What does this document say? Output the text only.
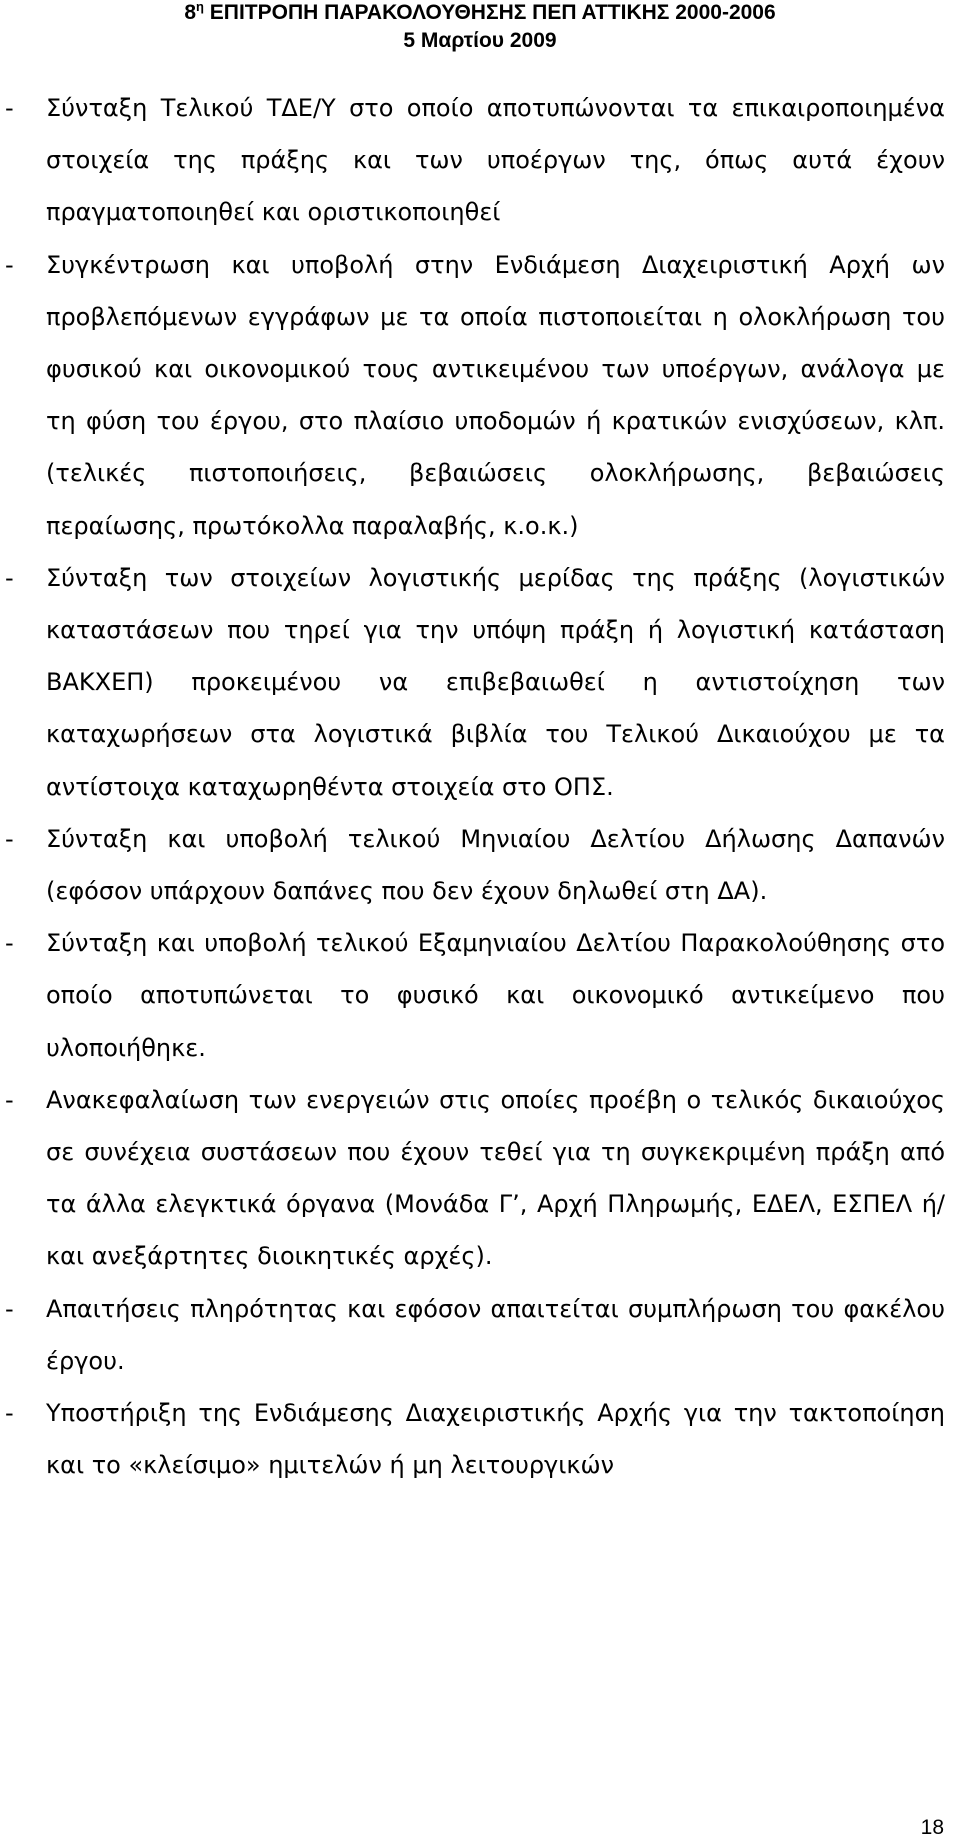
$8^\eta$ ΕΠΙΤΡΟΠΗ ΠΑΡΑΚΟΛΟΥΘΗΣΗΣ ΠΕΠ ΑΤΤΙΚΗΣ 2000-2006
5 Μαρτίου 2009
- Σύνταξη Τελικού ΤΔΕ/Υ στο οποίο αποτυπώνονται τα επικαιροποιημένα στοιχεία της πράξης και των υποέργων της, όπως αυτά έχουν πραγματοποιηθεί και οριστικοποιηθεί
- Συγκέντρωση και υποβολή στην Ενδιάμεση Διαχειριστική Αρχή ων προβλεπόμενων εγγράφων με τα οποία πιστοποιείται η ολοκλήρωση του φυσικού και οικονομικού τους αντικειμένου των υποέργων, ανάλογα με τη φύση του έργου, στο πλαίσιο υποδομών ή κρατικών ενισχύσεων, κλπ. (τελικές πιστοποιήσεις, βεβαιώσεις ολοκλήρωσης, βεβαιώσεις περαίωσης, πρωτόκολλα παραλαβής, κ.ο.κ.)
- Σύνταξη των στοιχείων λογιστικής μερίδας της πράξης (λογιστικών καταστάσεων που τηρεί για την υπόψη πράξη ή λογιστική κατάσταση ΒΑΚΧΕΠ) προκειμένου να επιβεβαιωθεί η αντιστοίχηση των καταχωρήσεων στα λογιστικά βιβλία του Τελικού Δικαιούχου με τα αντίστοιχα καταχωρηθέντα στοιχεία στο ΟΠΣ.
- Σύνταξη και υποβολή τελικού Μηνιαίου Δελτίου Δήλωσης Δαπανών (εφόσον υπάρχουν δαπάνες που δεν έχουν δηλωθεί στη ΔΑ).
- Σύνταξη και υποβολή τελικού Εξαμηνιαίου Δελτίου Παρακολούθησης στο οποίο αποτυπώνεται το φυσικό και οικονομικό αντικείμενο που υλοποιήθηκε.
- Ανακεφαλαίωση των ενεργειών στις οποίες προέβη ο τελικός δικαιούχος σε συνέχεια συστάσεων που έχουν τεθεί για τη συγκεκριμένη πράξη από τα άλλα ελεγκτικά όργανα (Μονάδα Γ’, Αρχή Πληρωμής, ΕΔΕΛ, ΕΣΠΕΛ ή/και ανεξάρτητες διοικητικές αρχές).
- Απαιτήσεις πληρότητας και εφόσον απαιτείται συμπλήρωση του φακέλου έργου.
- Υποστήριξη της Ενδιάμεσης Διαχειριστικής Αρχής για την τακτοποίηση και το «κλείσιμο» ημιτελών ή μη λειτουργικών
18
